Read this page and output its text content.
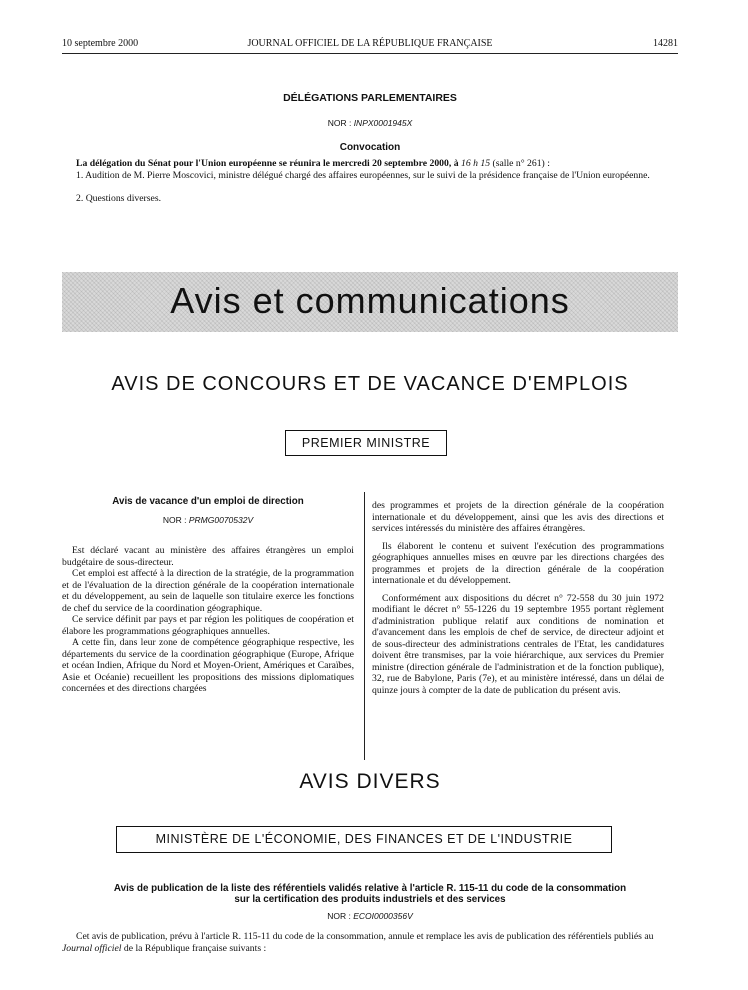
10 septembre 2000	JOURNAL OFFICIEL DE LA RÉPUBLIQUE FRANÇAISE	14281
DÉLÉGATIONS PARLEMENTAIRES
NOR : INPX0001945X
Convocation
La délégation du Sénat pour l'Union européenne se réunira le mercredi 20 septembre 2000, à 16 h 15 (salle n° 261) :
1. Audition de M. Pierre Moscovici, ministre délégué chargé des affaires européennes, sur le suivi de la présidence française de l'Union européenne.
2. Questions diverses.
Avis et communications
AVIS DE CONCOURS ET DE VACANCE D'EMPLOIS
PREMIER MINISTRE
Avis de vacance d'un emploi de direction
NOR : PRMG0070532V

Est déclaré vacant au ministère des affaires étrangères un emploi budgétaire de sous-directeur.

Cet emploi est affecté à la direction de la stratégie, de la programmation et de l'évaluation de la direction générale de la coopération internationale et du développement, au sein de laquelle son titulaire exerce les fonctions de chef du service de la coordination géographique.

Ce service définit par pays et par région les politiques de coopération et élabore les programmations géographiques annuelles.

A cette fin, dans leur zone de compétence géographique respective, les départements du service de la coordination géographique (Europe, Afrique et océan Indien, Afrique du Nord et Moyen-Orient, Amériques et Caraïbes, Asie et Océanie) recueillent les propositions des missions diplomatiques concernées et des directions chargées

des programmes et projets de la direction générale de la coopération internationale et du développement, ainsi que les avis des directions et services intéressés du ministère des affaires étrangères.

Ils élaborent le contenu et suivent l'exécution des programmations géographiques annuelles mises en œuvre par les directions chargées des programmes et projets de la direction générale de la coopération internationale et du développement.

Conformément aux dispositions du décret n° 72-558 du 30 juin 1972 modifiant le décret n° 55-1226 du 19 septembre 1955 portant règlement d'administration publique relatif aux conditions de nomination et d'avancement dans les emplois de chef de service, de directeur adjoint et de sous-directeur des administrations centrales de l'Etat, les candidatures doivent être transmises, par la voie hiérarchique, aux services du Premier ministre (direction générale de l'administration et de la fonction publique), 32, rue de Babylone, Paris (7e), et au ministère intéressé, dans un délai de quinze jours à compter de la date de publication du présent avis.

AVIS DIVERS
MINISTÈRE DE L'ÉCONOMIE, DES FINANCES ET DE L'INDUSTRIE
Avis de publication de la liste des référentiels validés relative à l'article R. 115-11 du code de la consommation
sur la certification des produits industriels et des services
NOR : ECOI0000356V
Cet avis de publication, prévu à l'article R. 115-11 du code de la consommation, annule et remplace les avis de publication des référentiels publiés au Journal officiel de la République française suivants :
